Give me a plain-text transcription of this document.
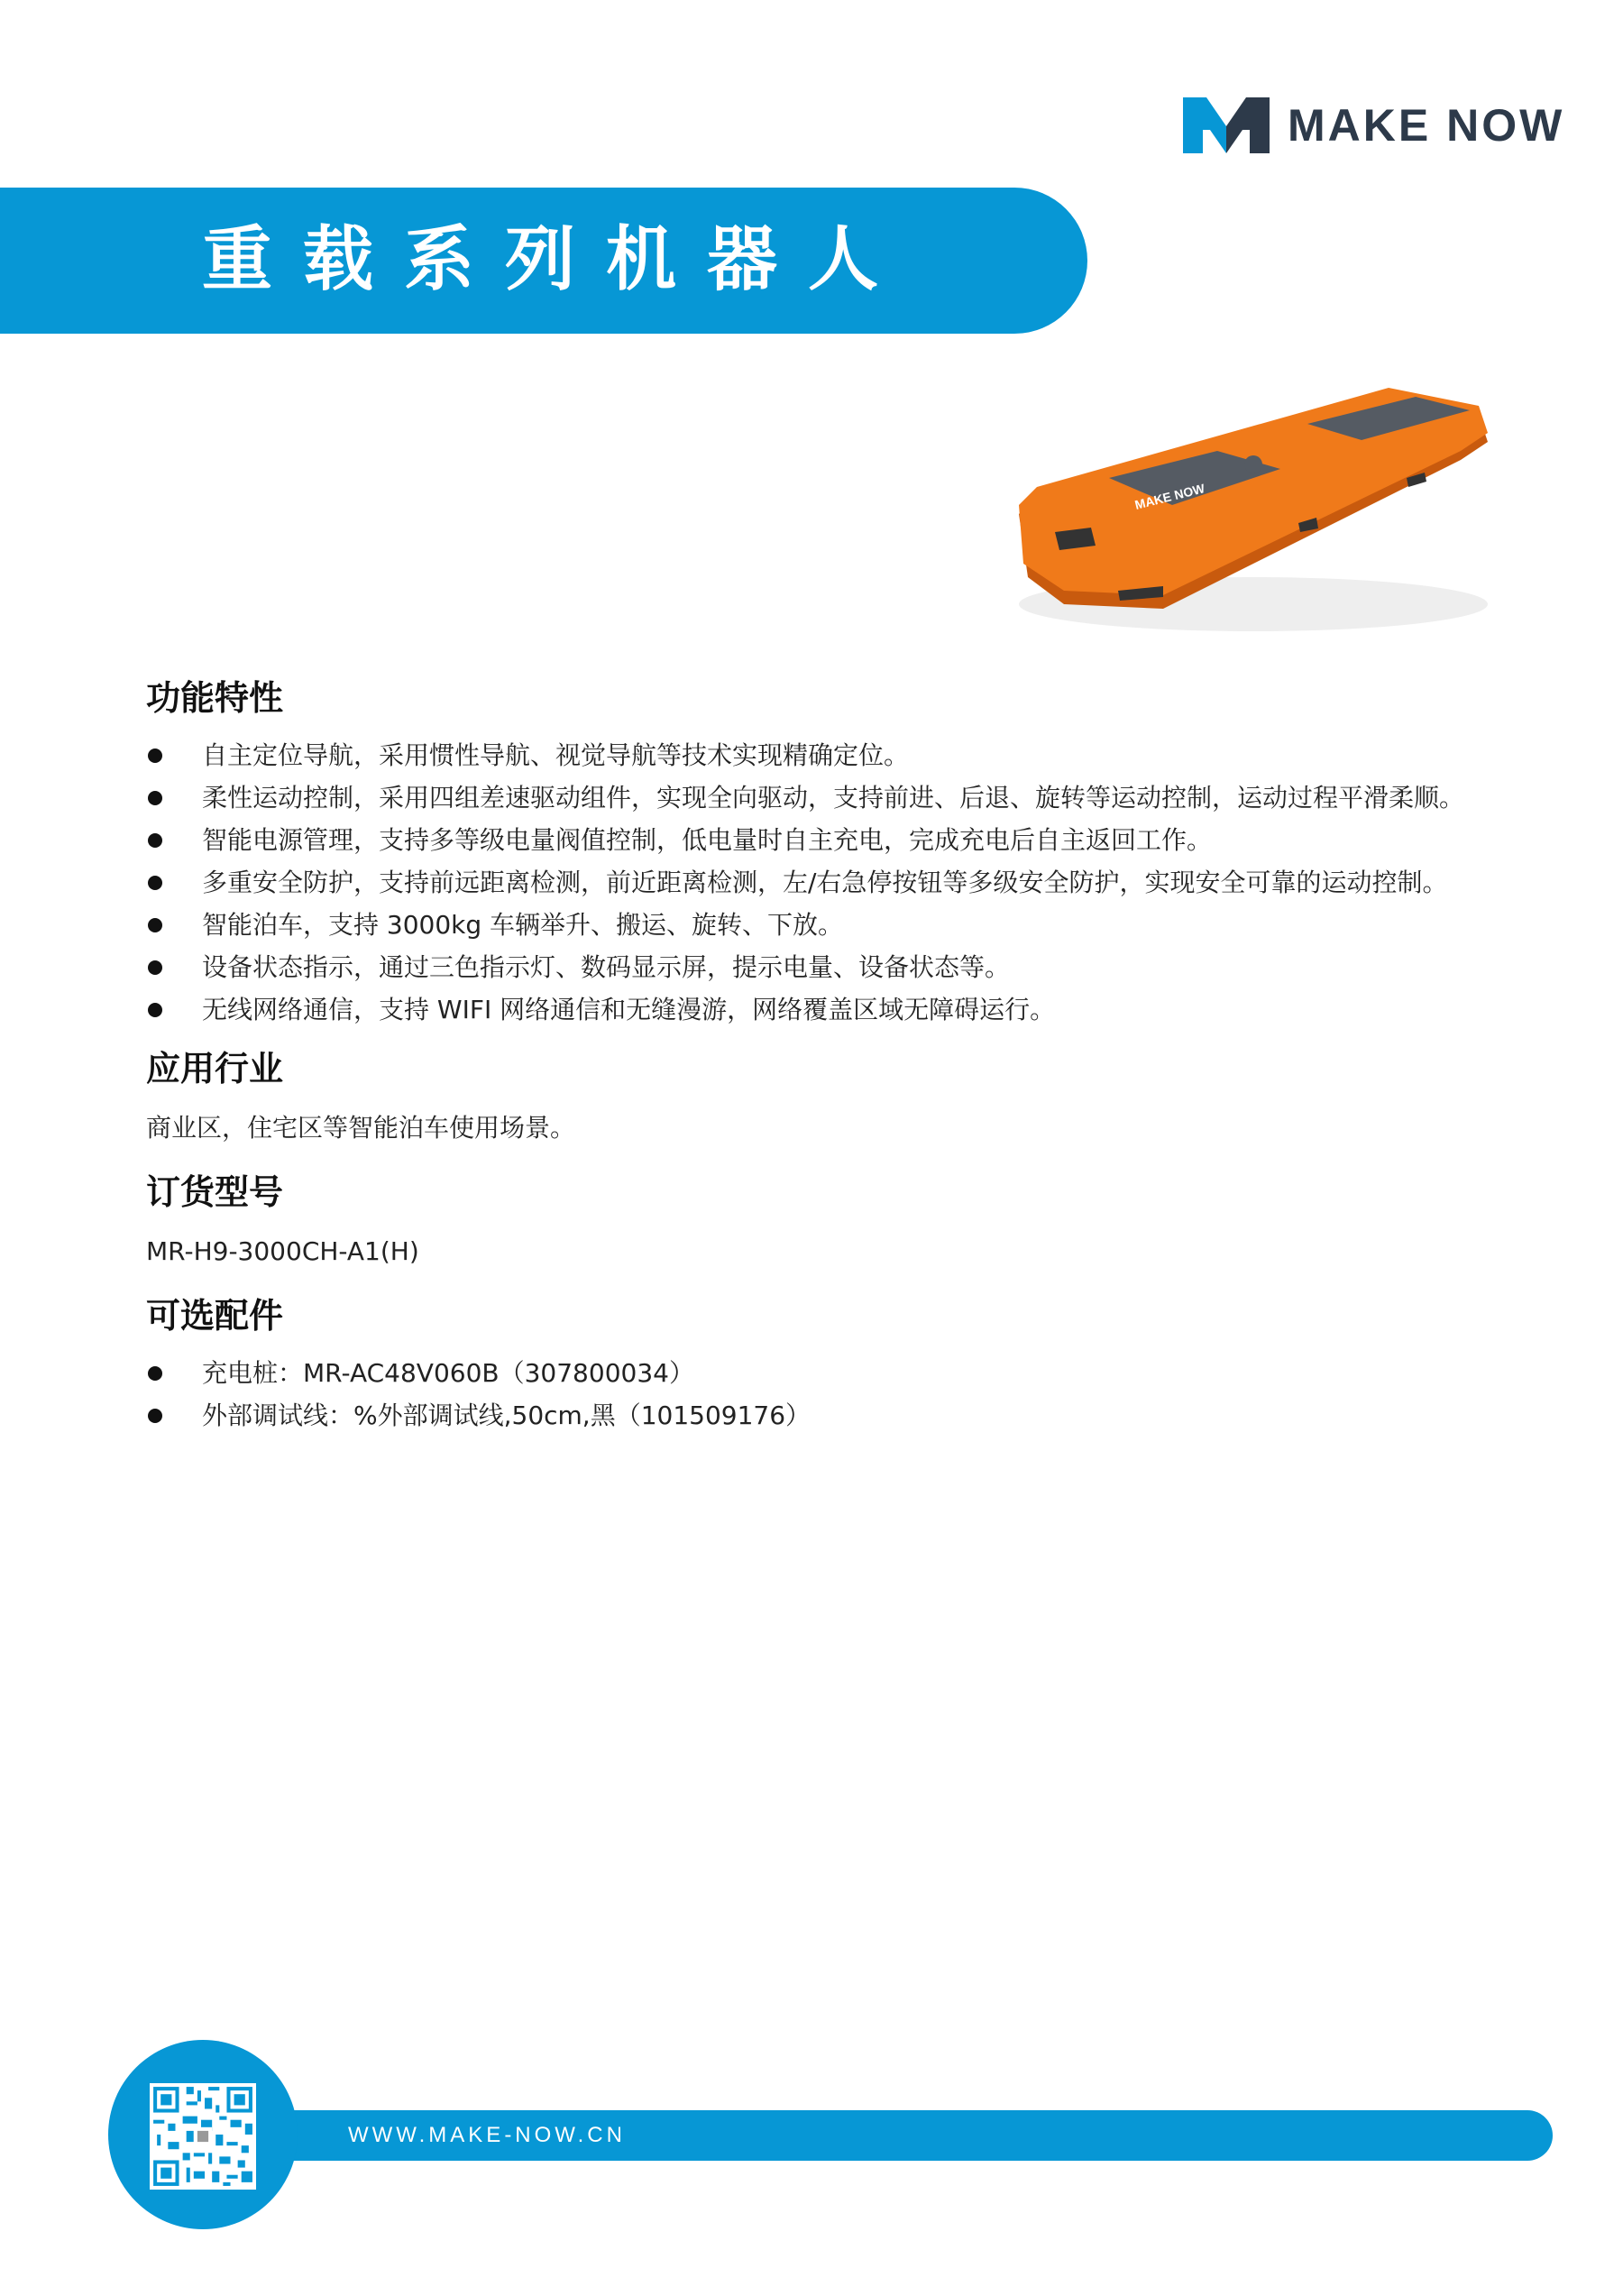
MAKE NOW
重载系列机器人
MAKE NOW
功能特性
自主定位导航，采用惯性导航、视觉导航等技术实现精确定位。
柔性运动控制，采用四组差速驱动组件，实现全向驱动，支持前进、后退、旋转等运动控制，运动过程平滑柔顺。
智能电源管理，支持多等级电量阀值控制，低电量时自主充电，完成充电后自主返回工作。
多重安全防护，支持前远距离检测，前近距离检测，左/右急停按钮等多级安全防护，实现安全可靠的运动控制。
智能泊车，支持 3000kg 车辆举升、搬运、旋转、下放。
设备状态指示，通过三色指示灯、数码显示屏，提示电量、设备状态等。
无线网络通信，支持 WIFI 网络通信和无缝漫游，网络覆盖区域无障碍运行。
应用行业

商业区，住宅区等智能泊车使用场景。

订货型号

MR-H9-3000CH-A1(H)

可选配件
充电桩：MR-AC48V060B（307800034）
外部调试线：%外部调试线,50cm,黑（101509176）
WWW.MAKE-NOW.CN
